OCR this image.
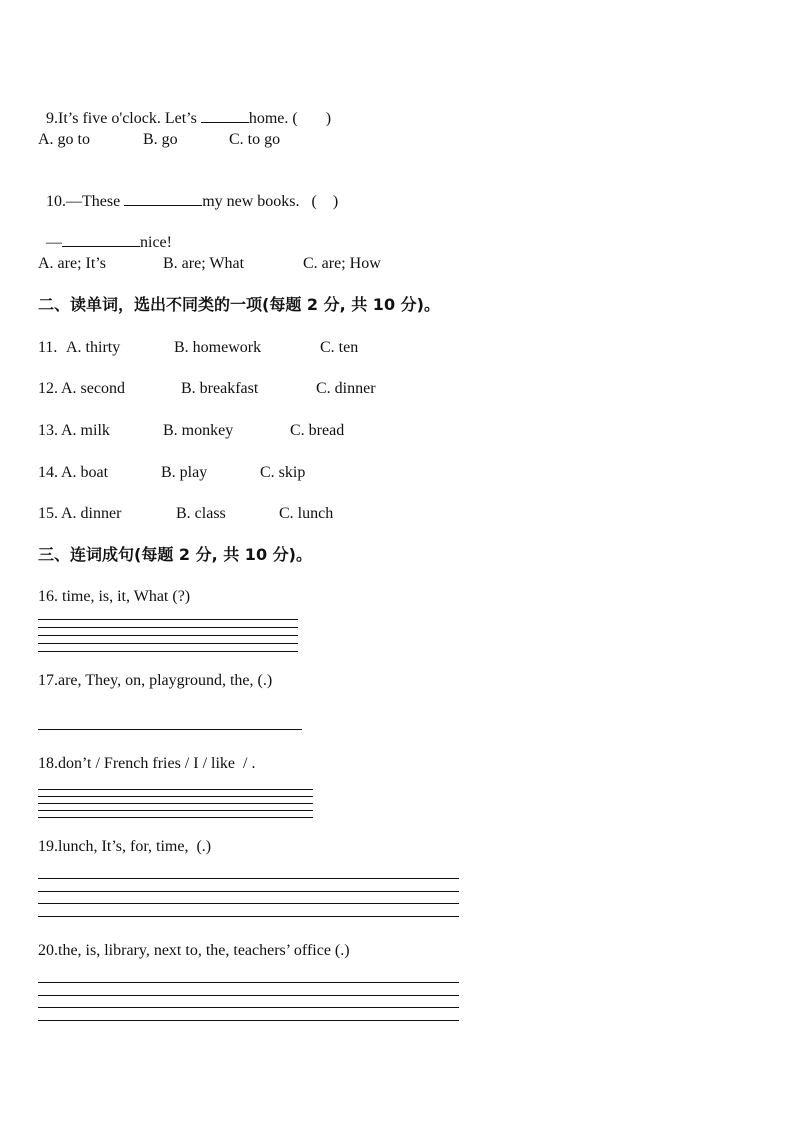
9.It’s five o'clock. Let’s	home. (       )

A. go to	B. go	C. to go

10.—These	my new books.   (    )

—	nice!

A. are; It’s	B. are; What	C. are; How
二、读单词，选出不同类的一项(每题 2 分, 共 10 分)。
11. A. thirty	B. homework	C. ten
12. A. second	B. breakfast	C. dinner
13. A. milk	B. monkey	C. bread
14. A. boat	B. play	C. skip
15. A. dinner	B. class	C. lunch
三、连词成句(每题 2 分, 共 10 分)。
16. time, is, it, What (?)
17.are, They, on, playground, the, (.)
18.don’t / French fries / I / like  / .
19.lunch, It’s, for, time,  (.)
20.the, is, library, next to, the, teachers’ office (.)
